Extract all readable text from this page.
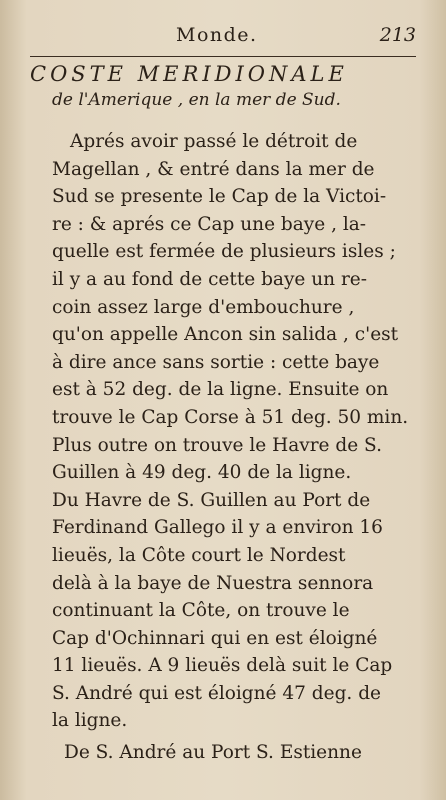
Monde.	213
COSTE MERIDIONALE
de l'Amerique , en la mer de Sud.
Aprés avoir passé le détroit de
Magellan , & entré dans la mer de
Sud se presente le Cap de la Victoi-
re : & aprés ce Cap une baye , la-
quelle est fermée de plusieurs isles ;
il y a au fond de cette baye un re-
coin assez large d'embouchure ,
qu'on appelle Ancon sin salida , c'est
à dire ance sans sortie : cette baye
est à 52 deg. de la ligne. Ensuite on
trouve le Cap Corse à 51 deg. 50 min.
Plus outre on trouve le Havre de S.
Guillen à 49 deg. 40 de la ligne.
Du Havre de S. Guillen au Port de
Ferdinand Gallego il y a environ 16
lieuës, la Côte court le Nordest
delà à la baye de Nuestra sennora
continuant la Côte, on trouve le
Cap d'Ochinnari qui en est éloigné
11 lieuës. A 9 lieuës delà suit le Cap
S. André qui est éloigné 47 deg. de
la ligne.
De S. André au Port S. Estienne
